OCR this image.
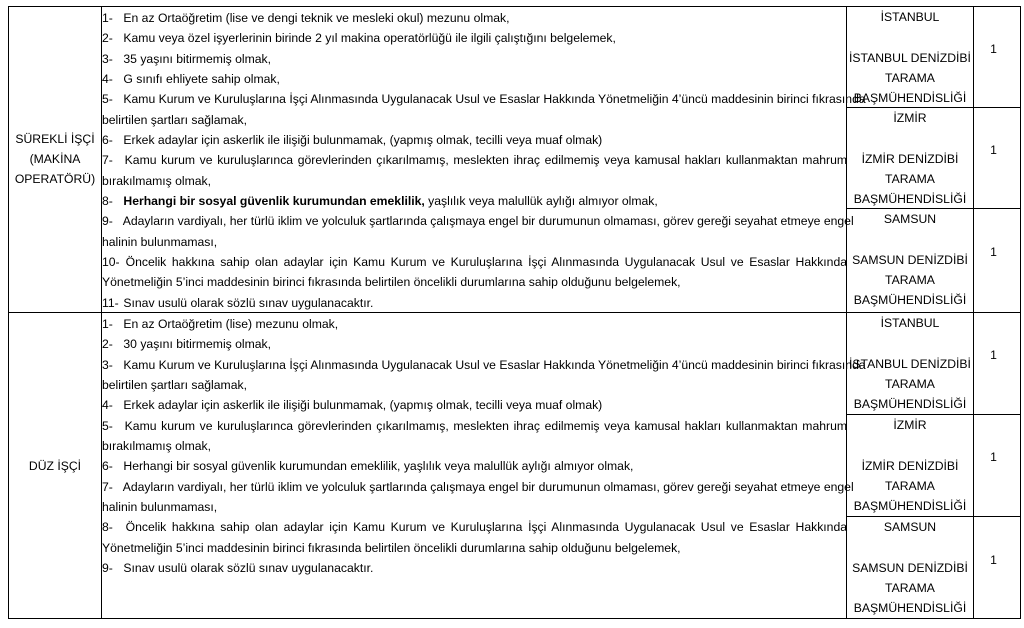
SÜREKLİ İŞÇİ
(MAKİNA
OPERATÖRÜ)
1- En az Ortaöğretim (lise ve dengi teknik ve mesleki okul) mezunu olmak,
2- Kamu veya özel işyerlerinin birinde 2 yıl makina operatörlüğü ile ilgili çalıştığını belgelemek,
3- 35 yaşını bitirmemiş olmak,
4- G sınıfı ehliyete sahip olmak,
5- Kamu Kurum ve Kuruluşlarına İşçi Alınmasında Uygulanacak Usul ve Esaslar Hakkında Yönetmeliğin 4’üncü maddesinin birinci fıkrasında
belirtilen şartları sağlamak,
6- Erkek adaylar için askerlik ile ilişiği bulunmamak, (yapmış olmak, tecilli veya muaf olmak)
7- Kamu kurum ve kuruluşlarınca görevlerinden çıkarılmamış, meslekten ihraç edilmemiş veya kamusal hakları kullanmaktan mahrum
bırakılmamış olmak,
8- Herhangi bir sosyal güvenlik kurumundan emeklilik, yaşlılık veya malullük aylığı almıyor olmak,
9- Adayların vardiyalı, her türlü iklim ve yolculuk şartlarında çalışmaya engel bir durumunun olmaması, görev gereği seyahat etmeye engel
halinin bulunmaması,
10- Öncelik hakkına sahip olan adaylar için Kamu Kurum ve Kuruluşlarına İşçi Alınmasında Uygulanacak Usul ve Esaslar Hakkında
Yönetmeliğin 5’inci maddesinin birinci fıkrasında belirtilen öncelikli durumlarına sahip olduğunu belgelemek,
11- Sınav usulü olarak sözlü sınav uygulanacaktır.
İSTANBUL
İSTANBUL DENİZDİBİ
TARAMA
BAŞMÜHENDİSLİĞİ
1
İZMİR
İZMİR DENİZDİBİ
TARAMA
BAŞMÜHENDİSLİĞİ
1
SAMSUN
SAMSUN DENİZDİBİ
TARAMA
BAŞMÜHENDİSLİĞİ
1
DÜZ İŞÇİ
1- En az Ortaöğretim (lise) mezunu olmak,
2- 30 yaşını bitirmemiş olmak,
3- Kamu Kurum ve Kuruluşlarına İşçi Alınmasında Uygulanacak Usul ve Esaslar Hakkında Yönetmeliğin 4’üncü maddesinin birinci fıkrasında
belirtilen şartları sağlamak,
4- Erkek adaylar için askerlik ile ilişiği bulunmamak, (yapmış olmak, tecilli veya muaf olmak)
5- Kamu kurum ve kuruluşlarınca görevlerinden çıkarılmamış, meslekten ihraç edilmemiş veya kamusal hakları kullanmaktan mahrum
bırakılmamış olmak,
6- Herhangi bir sosyal güvenlik kurumundan emeklilik, yaşlılık veya malullük aylığı almıyor olmak,
7- Adayların vardiyalı, her türlü iklim ve yolculuk şartlarında çalışmaya engel bir durumunun olmaması, görev gereği seyahat etmeye engel
halinin bulunmaması,
8- Öncelik hakkına sahip olan adaylar için Kamu Kurum ve Kuruluşlarına İşçi Alınmasında Uygulanacak Usul ve Esaslar Hakkında
Yönetmeliğin 5’inci maddesinin birinci fıkrasında belirtilen öncelikli durumlarına sahip olduğunu belgelemek,
9- Sınav usulü olarak sözlü sınav uygulanacaktır.
İSTANBUL
İSTANBUL DENİZDİBİ
TARAMA
BAŞMÜHENDİSLİĞİ
1
İZMİR
İZMİR DENİZDİBİ
TARAMA
BAŞMÜHENDİSLİĞİ
1
SAMSUN
SAMSUN DENİZDİBİ
TARAMA
BAŞMÜHENDİSLİĞİ
1
